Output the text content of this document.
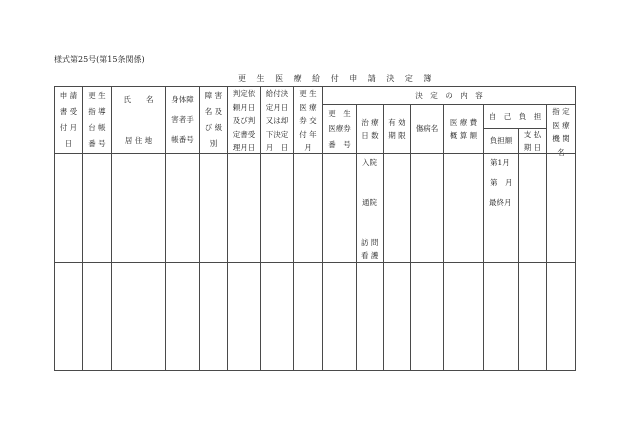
様式第25号(第15条関係)
更 生 医 療 給 付 申 請 決 定 簿
申 請
書 受
付 月
日
更 生
指 導
台 帳
番 号
氏　　名
居 住 地
身体障
害者手
帳番号
障 害
名 及
び 級
別
判定依
頼月日
及び判
定書受
理月日
給付決
定月日
又は却
下決定
月　日
更 生
医 療
券 交
付 年
月
決　定　の　内　容
更　生
医療券
番　号
治 療
日 数
有 効
期 限
傷病名
医 療 費
概 算 額
自　己　負　担
負担額
支 払
期 日
指 定
医 療
機 関
名
入院
通院
訪 問
看 護
第1月
第　月
最終月
